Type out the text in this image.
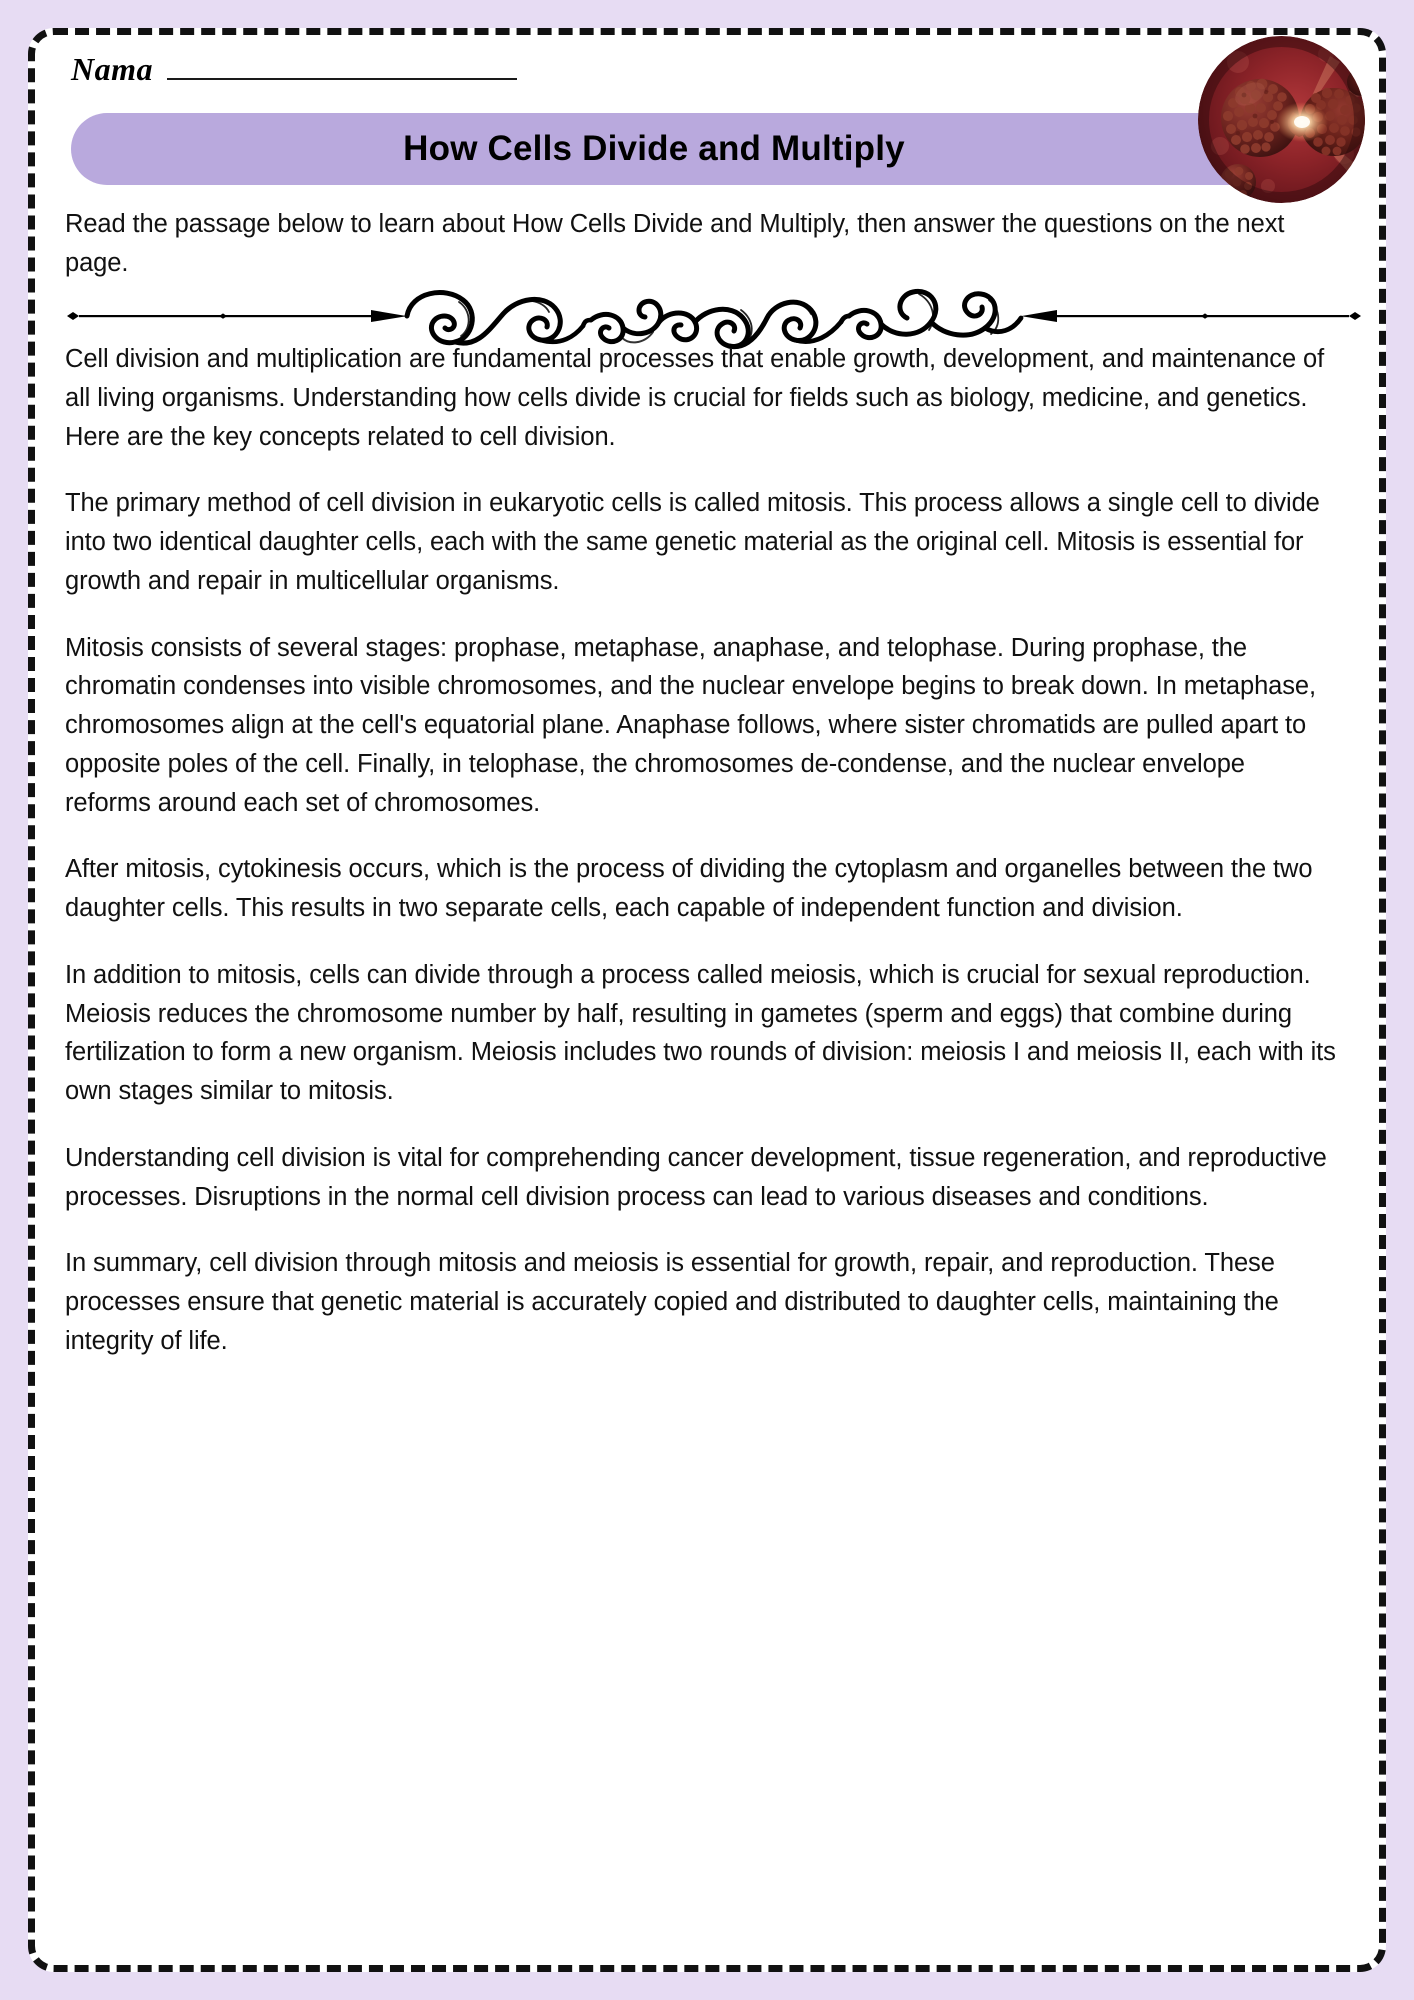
Nama
How Cells Divide and Multiply
Read the passage below to learn about How Cells Divide and Multiply, then answer the questions on the next page.

Cell division and multiplication are fundamental processes that enable growth, development, and maintenance of all living organisms. Understanding how cells divide is crucial for fields such as biology, medicine, and genetics. Here are the key concepts related to cell division.

The primary method of cell division in eukaryotic cells is called mitosis. This process allows a single cell to divide into two identical daughter cells, each with the same genetic material as the original cell. Mitosis is essential for growth and repair in multicellular organisms.

Mitosis consists of several stages: prophase, metaphase, anaphase, and telophase. During prophase, the chromatin condenses into visible chromosomes, and the nuclear envelope begins to break down. In metaphase, chromosomes align at the cell's equatorial plane. Anaphase follows, where sister chromatids are pulled apart to opposite poles of the cell. Finally, in telophase, the chromosomes de-condense, and the nuclear envelope reforms around each set of chromosomes.

After mitosis, cytokinesis occurs, which is the process of dividing the cytoplasm and organelles between the two daughter cells. This results in two separate cells, each capable of independent function and division.

In addition to mitosis, cells can divide through a process called meiosis, which is crucial for sexual reproduction. Meiosis reduces the chromosome number by half, resulting in gametes (sperm and eggs) that combine during fertilization to form a new organism. Meiosis includes two rounds of division: meiosis I and meiosis II, each with its own stages similar to mitosis.

Understanding cell division is vital for comprehending cancer development, tissue regeneration, and reproductive processes. Disruptions in the normal cell division process can lead to various diseases and conditions.

In summary, cell division through mitosis and meiosis is essential for growth, repair, and reproduction. These processes ensure that genetic material is accurately copied and distributed to daughter cells, maintaining the integrity of life.
